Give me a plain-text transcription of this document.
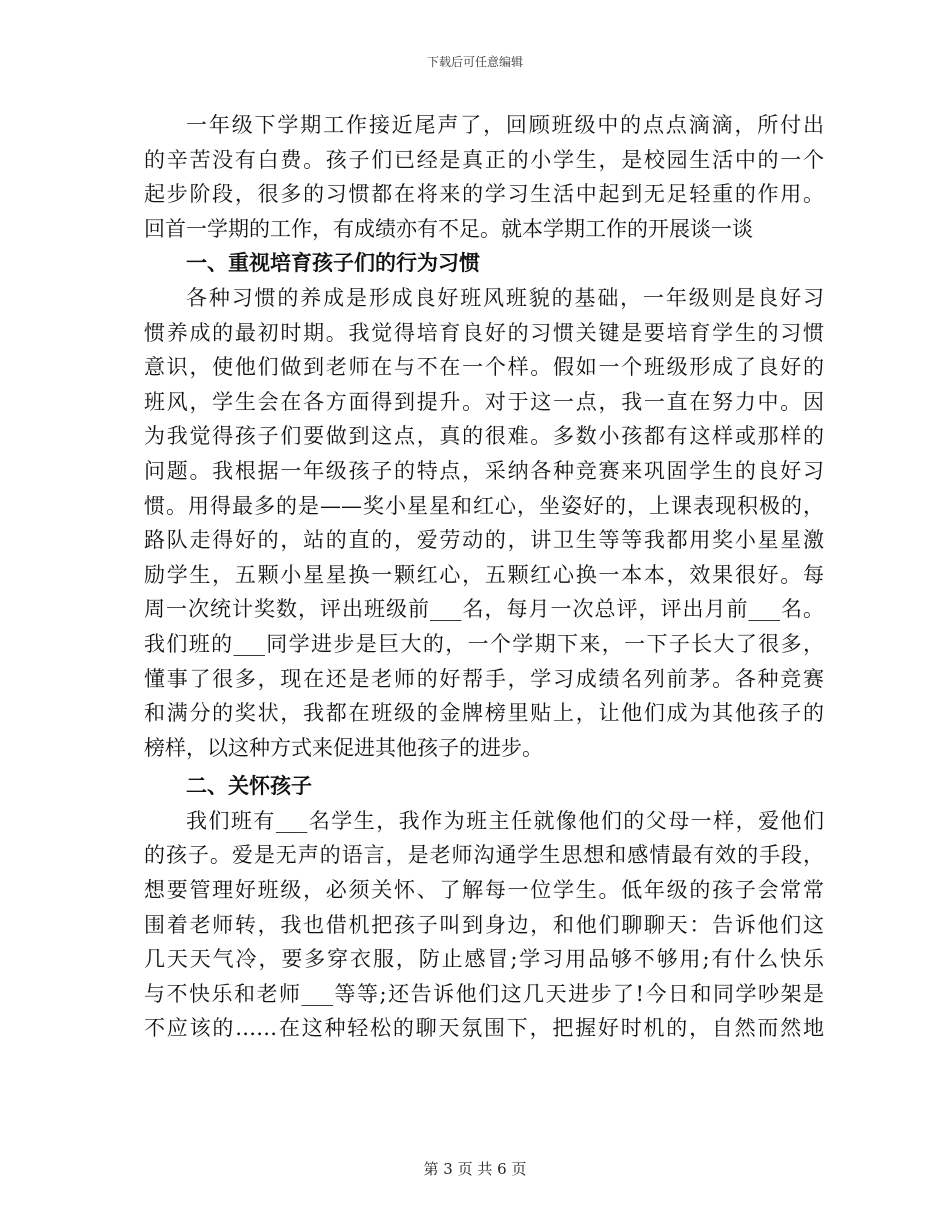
下载后可任意编辑
一年级下学期工作接近尾声了，回顾班级中的点点滴滴，所付出
的辛苦没有白费。孩子们已经是真正的小学生，是校园生活中的一个
起步阶段，很多的习惯都在将来的学习生活中起到无足轻重的作用。
回首一学期的工作，有成绩亦有不足。就本学期工作的开展谈一谈
一、重视培育孩子们的行为习惯
各种习惯的养成是形成良好班风班貌的基础，一年级则是良好习
惯养成的最初时期。我觉得培育良好的习惯关键是要培育学生的习惯
意识，使他们做到老师在与不在一个样。假如一个班级形成了良好的
班风，学生会在各方面得到提升。对于这一点，我一直在努力中。因
为我觉得孩子们要做到这点，真的很难。多数小孩都有这样或那样的
问题。我根据一年级孩子的特点，采纳各种竞赛来巩固学生的良好习
惯。用得最多的是——奖小星星和红心，坐姿好的，上课表现积极的，
路队走得好的，站的直的，爱劳动的，讲卫生等等我都用奖小星星激
励学生，五颗小星星换一颗红心，五颗红心换一本本，效果很好。每
周一次统计奖数，评出班级前___名，每月一次总评，评出月前___名。
我们班的___同学进步是巨大的，一个学期下来，一下子长大了很多，
懂事了很多，现在还是老师的好帮手，学习成绩名列前茅。各种竞赛
和满分的奖状，我都在班级的金牌榜里贴上，让他们成为其他孩子的
榜样，以这种方式来促进其他孩子的进步。
二、关怀孩子
我们班有___名学生，我作为班主任就像他们的父母一样，爱他们
的孩子。爱是无声的语言，是老师沟通学生思想和感情最有效的手段，
想要管理好班级，必须关怀、了解每一位学生。低年级的孩子会常常
围着老师转，我也借机把孩子叫到身边，和他们聊聊天：告诉他们这
几天天气冷，要多穿衣服，防止感冒;学习用品够不够用;有什么快乐
与不快乐和老师___等等;还告诉他们这几天进步了!今日和同学吵架是
不应该的……在这种轻松的聊天氛围下，把握好时机的，自然而然地
第 3 页 共 6 页
